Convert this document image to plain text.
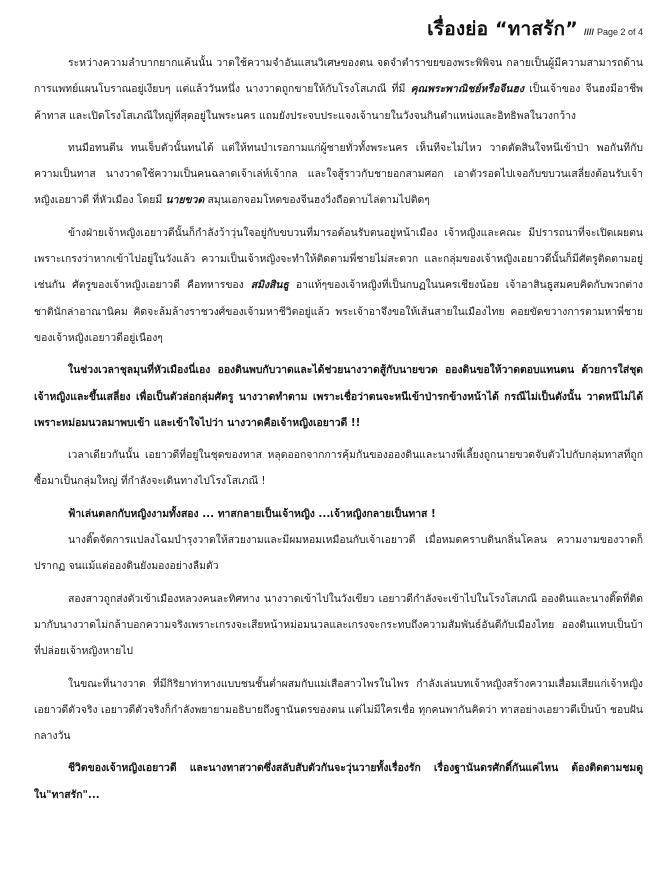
เรื่องย่อ “ทาสรัก” //// Page 2 of 4

ระหว่างความลำบากยากแค้นนั้น วาดใช้ความจำอันแสนวิเศษของตน จดจำตำราขยของพระพิพิจน กลายเป็นผู้มีความสามารถด้านการแพทย์แผนโบราณอยู่เงียบๆ แต่แล้ววันหนึ่ง นางวาดถูกขายให้กับโรงโสเภณี ที่มี คุณพระพาณิชย์หรือจีนฮง เป็นเจ้าของ จีนฮงมีอาชีพค้าทาส และเปิดโรงโสเภณีใหญ่ที่สุดอยู่ในพระนคร แถมยังประจบประแจงเจ้านายในวังจนกินตำแหน่งและอิทธิพลในวงกว้าง

ทนมือทนตีน ทนเจ็บตัวนั้นทนได้ แต่ให้ทนบำเรอกามแก่ผู้ชายทั่วทั้งพระนคร เห็นทีจะไม่ไหว วาดตัดสินใจหนีเข้าป่า พอกันทีกับความเป็นทาส นางวาดใช้ความเป็นคนฉลาดเจ้าเล่ห์เจ้ากล และใจสู้ราวกับชายอกสามศอก เอาตัวรอดไปเจอกับขบวนเสลี่ยงต้อนรับเจ้าหญิงเอยาวดี ที่หัวเมือง โดยมี นายขวด สมุนเอกจอมโหดของจีนฮงวิ่งถือดาบไล่ตามไปติดๆ

ข้างฝ่ายเจ้าหญิงเอยาวดีนั้นก็กำลังว้าวุ่นใจอยู่กับขบวนที่มารอต้อนรับตนอยู่หน้าเมือง เจ้าหญิงและคณะ มีปรารถนาที่จะเปิดเผยตน เพราะเกรงว่าหากเข้าไปอยู่ในวังแล้ว ความเป็นเจ้าหญิงจะทำให้ติดตามพี่ชายไม่สะดวก และกลุ่มของเจ้าหญิงเอยาวดีนั้นก็มีศัตรูติดตามอยู่เช่นกัน ศัตรูของเจ้าหญิงเอยาวดี คือทหารของ สมิงสินธู อาแท้ๆของเจ้าหญิงที่เป็นกบฏในนครเชียงน้อย เจ้าอาสินธูสมคบคิดกับพวกต่างชาตินักล่าอาณานิคม คิดจะล้มล้างราชวงศ์ของเจ้ามหาชีวิตอยู่แล้ว พระเจ้าอาจึงขอให้เส้นสายในเมืองไทย คอยขัดขวางการตามหาพี่ชายของเจ้าหญิงเอยาวดีอยู่เนืองๆ

ในช่วงเวลาชุลมุนที่หัวเมืองนี่เอง อองดินพบกับวาดและได้ช่วยนางวาดสู้กับนายขวด อองดินขอให้วาดตอบแทนตน ด้วยการใส่ชุดเจ้าหญิงและขึ้นเสลี่ยง เพื่อเป็นตัวล่อกลุ่มศัตรู นางวาดทำตาม เพราะเชื่อว่าตนจะหนีเข้าป่ารกข้างหน้าได้ กรณีไม่เป็นดังนั้น วาดหนีไม่ได้ เพราะหม่อมนวลมาพบเข้า และเข้าใจไปว่า นางวาดคือเจ้าหญิงเอยาวดี !!

เวลาเดียวกันนั้น เอยาวดีที่อยู่ในชุดของทาส หลุดออกจากการคุ้มกันของอองดินและนางพี่เลี้ยงถูกนายขวดจับตัวไปกับกลุ่มทาสที่ถูกซื้อมาเป็นกลุ่มใหญ่ ที่กำลังจะเดินทางไปโรงโสเภณี !

ฟ้าเล่นตลกกับหญิงงามทั้งสอง ... ทาสกลายเป็นเจ้าหญิง ...เจ้าหญิงกลายเป็นทาส !

นางติ๊ดจัดการแปลงโฉมบำรุงวาดให้สวยงามและมีผมหอมเหมือนกับเจ้าเอยาวดี เมื่อหมดคราบดินกลิ่นโคลน ความงามของวาดก็ปรากฏ จนแม้แต่อองดินยังมองอย่างลืมตัว

สองสาวถูกส่งตัวเข้าเมืองหลวงคนละทิศทาง นางวาดเข้าไปในวังเขียว เอยาวดีกำลังจะเข้าไปในโรงโสเภณี อองดินและนางติ๊ดที่ติดมากับนางวาดไม่กล้าบอกความจริงเพราะเกรงจะเสียหน้าหม่อมนวลและเกรงจะกระทบถึงความสัมพันธ์อันดีกับเมืองไทย อองดินแทบเป็นบ้าที่ปล่อยเจ้าหญิงหายไป

ในขณะที่นางวาด ที่มีกิริยาท่าทางแบบชนชั้นต่ำผสมกับแม่เสือสาวไพรในไพร กำลังเล่นบทเจ้าหญิงสร้างความเสื่อมเสียแก่เจ้าหญิงเอยาวดีตัวจริง เอยาวดีตัวจริงก็กำลังพยายามอธิบายถึงฐานันดรของตน แต่ไม่มีใครเชื่อ ทุกคนพากันคิดว่า ทาสอย่างเอยาวดีเป็นบ้า ชอบฝันกลางวัน

ชีวิตของเจ้าหญิงเอยาวดี และนางทาสวาดซึ่งสลับสับตัวกันจะวุ่นวายทั้งเรื่องรัก เรื่องฐานันดรศักดิ์กันแค่ไหน ต้องติดตามชมดูใน"ทาสรัก"...
